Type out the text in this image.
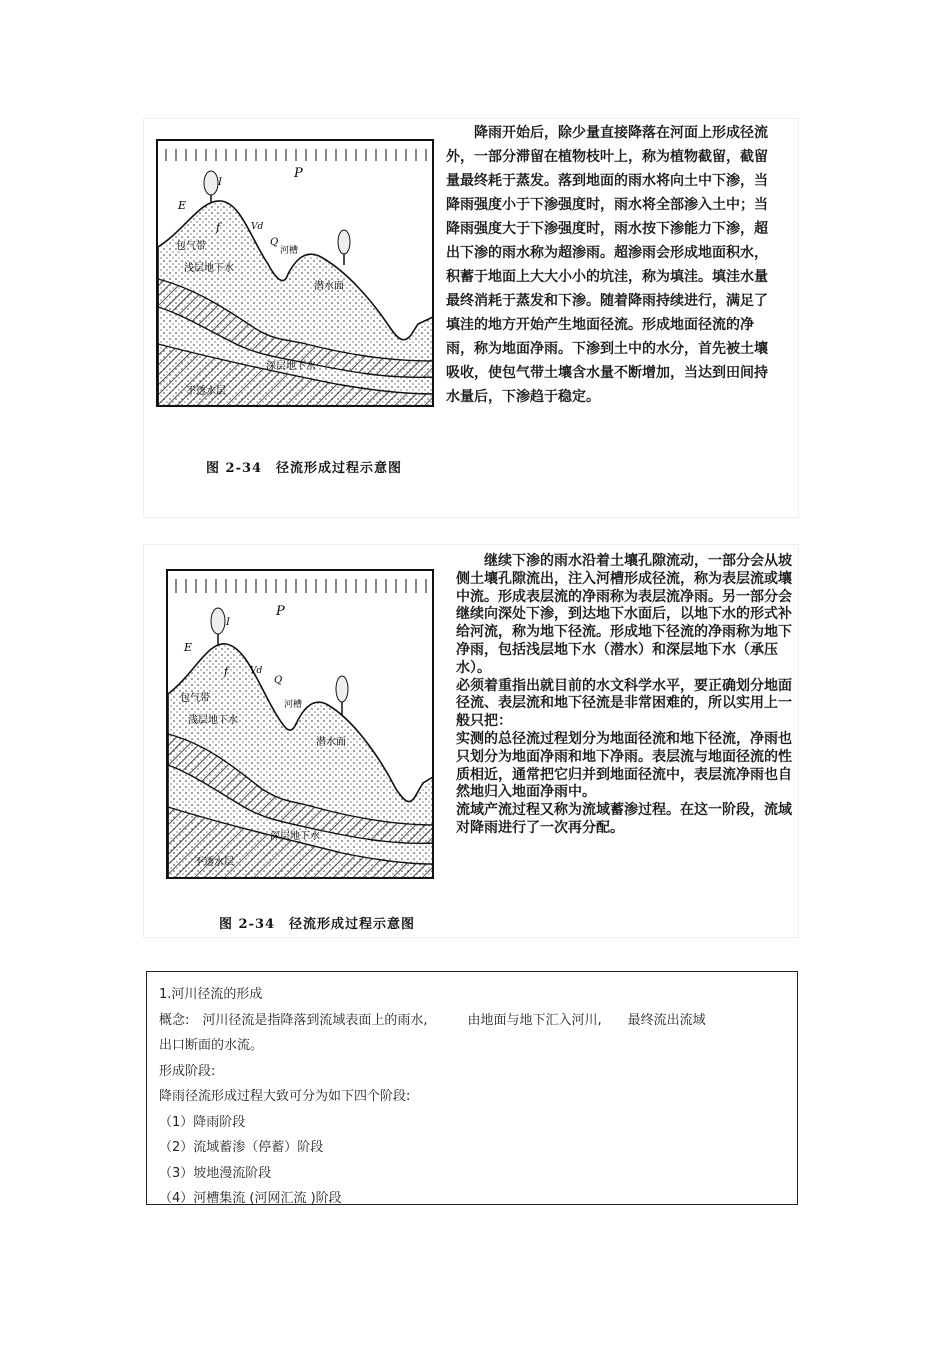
P
E
I
f	Vd
Q
包气带	河槽
浅层地下水
潜水面
深层地下水
不透水层
图 2-34　径流形成过程示意图

降雨开始后，除少量直接降落在河面上形成径流外，一部分滞留在植物枝叶上，称为植物截留，截留量最终耗于蒸发。落到地面的雨水将向土中下渗，当降雨强度小于下渗强度时，雨水将全部渗入土中；当降雨强度大于下渗强度时，雨水按下渗能力下渗，超出下渗的雨水称为超渗雨。超渗雨会形成地面积水，积蓄于地面上大大小小的坑洼，称为填洼。填洼水量最终消耗于蒸发和下渗。随着降雨持续进行，满足了填洼的地方开始产生地面径流。形成地面径流的净雨，称为地面净雨。下渗到土中的水分，首先被土壤吸收，使包气带土壤含水量不断增加，当达到田间持水量后，下渗趋于稳定。

P
E
I
f Vd
Q
包气带
河槽
浅层地下水
潜水面
深层地下水
不透水层
图 2-34　径流形成过程示意图

继续下渗的雨水沿着土壤孔隙流动，一部分会从坡侧土壤孔隙流出，注入河槽形成径流，称为表层流或壤中流。形成表层流的净雨称为表层流净雨。另一部分会继续向深处下渗，到达地下水面后，以地下水的形式补给河流，称为地下径流。形成地下径流的净雨称为地下净雨，包括浅层地下水（潜水）和深层地下水（承压水）。

必须着重指出就目前的水文科学水平，要正确划分地面径流、表层流和地下径流是非常困难的，所以实用上一般只把：

实测的总径流过程划分为地面径流和地下径流，净雨也只划分为地面净雨和地下净雨。表层流与地面径流的性质相近，通常把它归并到地面径流中，表层流净雨也自然地归入地面净雨中。

流域产流过程又称为流域蓄渗过程。在这一阶段，流域对降雨进行了一次再分配。

1.河川径流的形成
概念:　河川径流是指降落到流域表面上的雨水,	由地面与地下汇入河川, 最终流出流域
出口断面的水流。
形成阶段:
降雨径流形成过程大致可分为如下四个阶段:
（1）降雨阶段
（2）流域蓄渗（停蓄）阶段
（3）坡地漫流阶段
（4）河槽集流 (河网汇流 )阶段
